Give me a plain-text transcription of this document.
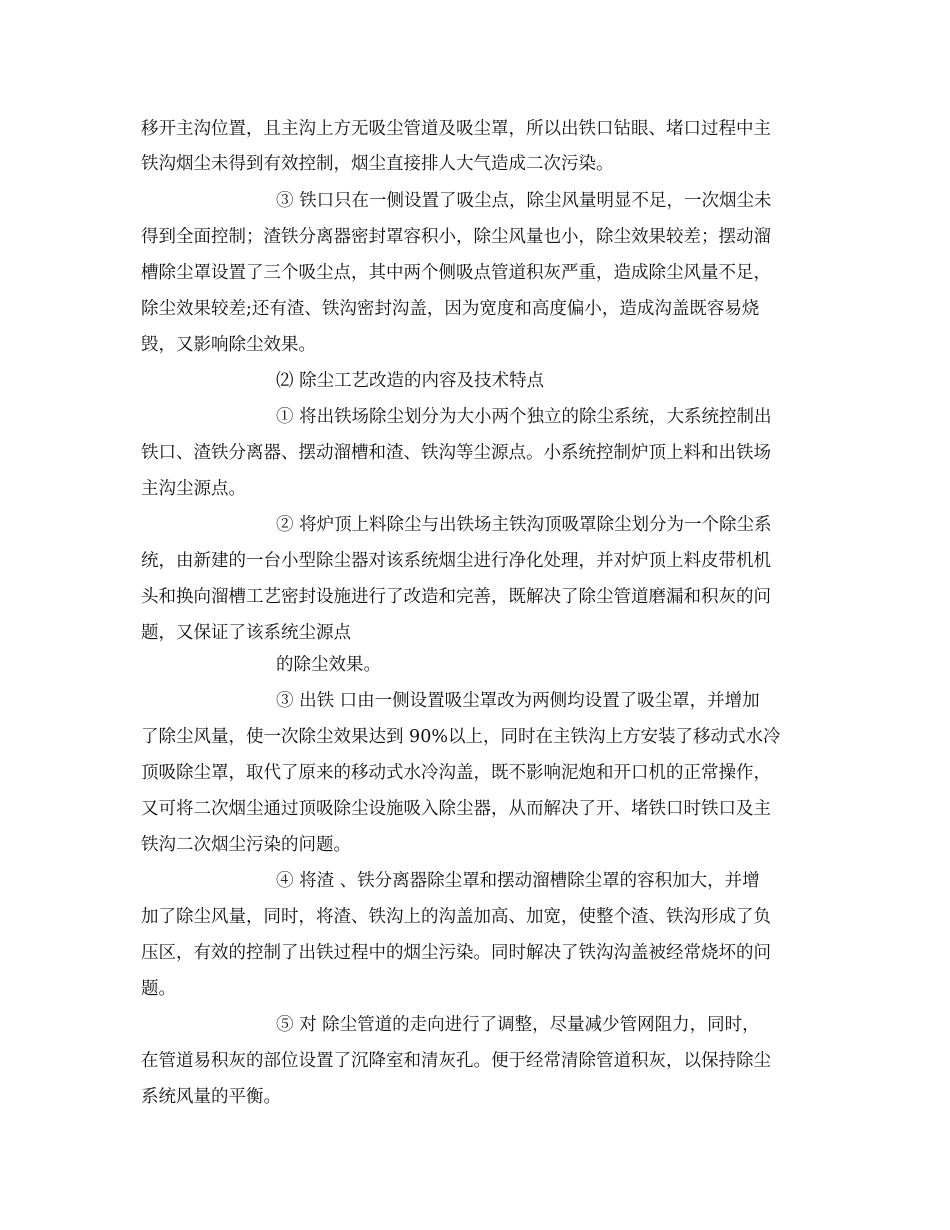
移开主沟位置，且主沟上方无吸尘管道及吸尘罩，所以出铁口钻眼、堵口过程中主
铁沟烟尘未得到有效控制，烟尘直接排人大气造成二次污染。
③ 铁口只在一侧设置了吸尘点，除尘风量明显不足，一次烟尘未
得到全面控制；渣铁分离器密封罩容积小，除尘风量也小，除尘效果较差；摆动溜
槽除尘罩设置了三个吸尘点，其中两个侧吸点管道积灰严重，造成除尘风量不足，
除尘效果较差;还有渣、铁沟密封沟盖，因为宽度和高度偏小，造成沟盖既容易烧
毁，又影响除尘效果。
⑵ 除尘工艺改造的内容及技术特点
① 将出铁场除尘划分为大小两个独立的除尘系统，大系统控制出
铁口、渣铁分离器、摆动溜槽和渣、铁沟等尘源点。小系统控制炉顶上料和出铁场
主沟尘源点。
② 将炉顶上料除尘与出铁场主铁沟顶吸罩除尘划分为一个除尘系
统，由新建的一台小型除尘器对该系统烟尘进行净化处理，并对炉顶上料皮带机机
头和换向溜槽工艺密封设施进行了改造和完善，既解决了除尘管道磨漏和积灰的问
题，又保证了该系统尘源点
的除尘效果。
③ 出铁 口由一侧设置吸尘罩改为两侧均设置了吸尘罩，并增加
了除尘风量，使一次除尘效果达到 90%以上，同时在主铁沟上方安装了移动式水冷
顶吸除尘罩，取代了原来的移动式水冷沟盖，既不影响泥炮和开口机的正常操作，
又可将二次烟尘通过顶吸除尘设施吸入除尘器，从而解决了开、堵铁口时铁口及主
铁沟二次烟尘污染的问题。
④ 将渣 、铁分离器除尘罩和摆动溜槽除尘罩的容积加大，并增
加了除尘风量，同时，将渣、铁沟上的沟盖加高、加宽，使整个渣、铁沟形成了负
压区，有效的控制了出铁过程中的烟尘污染。同时解决了铁沟沟盖被经常烧坏的问
题。
⑤ 对 除尘管道的走向进行了调整，尽量减少管网阻力，同时，
在管道易积灰的部位设置了沉降室和清灰孔。便于经常清除管道积灰，以保持除尘
系统风量的平衡。
